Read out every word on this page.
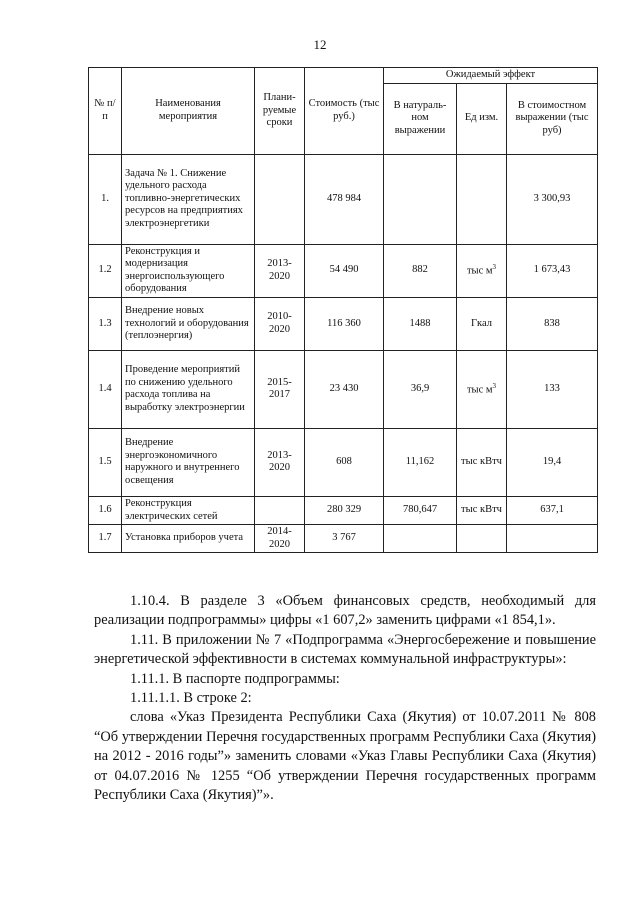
12
№ п/п	Наименования мероприятия	Плани-руемые сроки	Стоимость (тыс руб.)	Ожидаемый эффект		
				В натураль-ном выражении	Ед изм.	В стоимостном выражении (тыс руб)
1.	Задача № 1. Снижение удельного расхода топливно-энергетических ресурсов на предприятиях электроэнергетики		478 984			3 300,93
1.2	Реконструкция и модернизация энергоиспользующего оборудования	2013-2020	54 490	882	тыс $м^3$	1 673,43
1.3	Внедрение новых технологий и оборудования (теплоэнергия)	2010-2020	116 360	1488	Гкал	838
1.4	Проведение мероприятий по снижению удельного расхода топлива на выработку электроэнергии	2015-2017	23 430	36,9	тыс $м^3$	133
1.5	Внедрение энергоэкономичного наружного и внутреннего освещения	2013-2020	608	11,162	тыс кВтч	19,4
1.6	Реконструкция электрических сетей		280 329	780,647	тыс кВтч	637,1
1.7	Установка приборов учета	2014-2020	3 767			

1.10.4. В разделе 3 «Объем финансовых средств, необходимый для реализации подпрограммы» цифры «1 607,2» заменить цифрами «1 854,1».

1.11. В приложении № 7 «Подпрограмма «Энергосбережение и повышение энергетической эффективности в системах коммунальной инфраструктуры»:

1.11.1. В паспорте подпрограммы:

1.11.1.1. В строке 2:

слова «Указ Президента Республики Саха (Якутия) от 10.07.2011 № 808 “Об утверждении Перечня государственных программ Республики Саха (Якутия) на 2012 - 2016 годы”» заменить словами «Указ Главы Республики Саха (Якутия) от 04.07.2016 № 1255 “Об утверждении Перечня государственных программ Республики Саха (Якутия)”».
